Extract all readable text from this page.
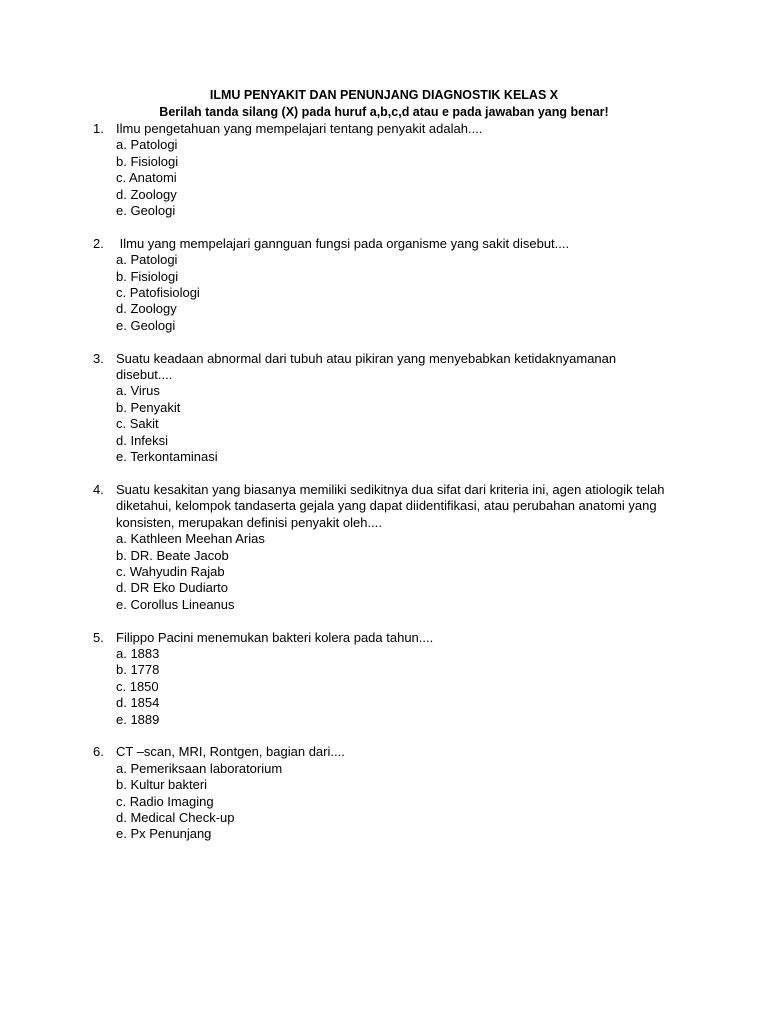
ILMU PENYAKIT DAN PENUNJANG DIAGNOSTIK KELAS X
Berilah tanda silang (X) pada huruf a,b,c,d atau e pada jawaban yang benar!
1. Ilmu pengetahuan yang mempelajari tentang penyakit adalah....
a. Patologi
b. Fisiologi
c. Anatomi
d. Zoology
e. Geologi
2. Ilmu yang mempelajari gannguan fungsi pada organisme yang sakit disebut....
a. Patologi
b. Fisiologi
c. Patofisiologi
d. Zoology
e. Geologi
3. Suatu keadaan abnormal dari tubuh atau pikiran yang menyebabkan ketidaknyamanan disebut....
a. Virus
b. Penyakit
c. Sakit
d. Infeksi
e. Terkontaminasi
4. Suatu kesakitan yang biasanya memiliki sedikitnya dua sifat dari kriteria ini, agen atiologik telah diketahui, kelompok tandaserta gejala yang dapat diidentifikasi, atau perubahan anatomi yang konsisten, merupakan definisi penyakit oleh....
a. Kathleen Meehan Arias
b. DR. Beate Jacob
c. Wahyudin Rajab
d. DR Eko Dudiarto
e. Corollus Lineanus
5. Filippo Pacini menemukan bakteri kolera pada tahun....
a. 1883
b. 1778
c. 1850
d. 1854
e. 1889
6. CT –scan, MRI, Rontgen, bagian dari....
a. Pemeriksaan laboratorium
b. Kultur bakteri
c. Radio Imaging
d. Medical Check-up
e. Px Penunjang
